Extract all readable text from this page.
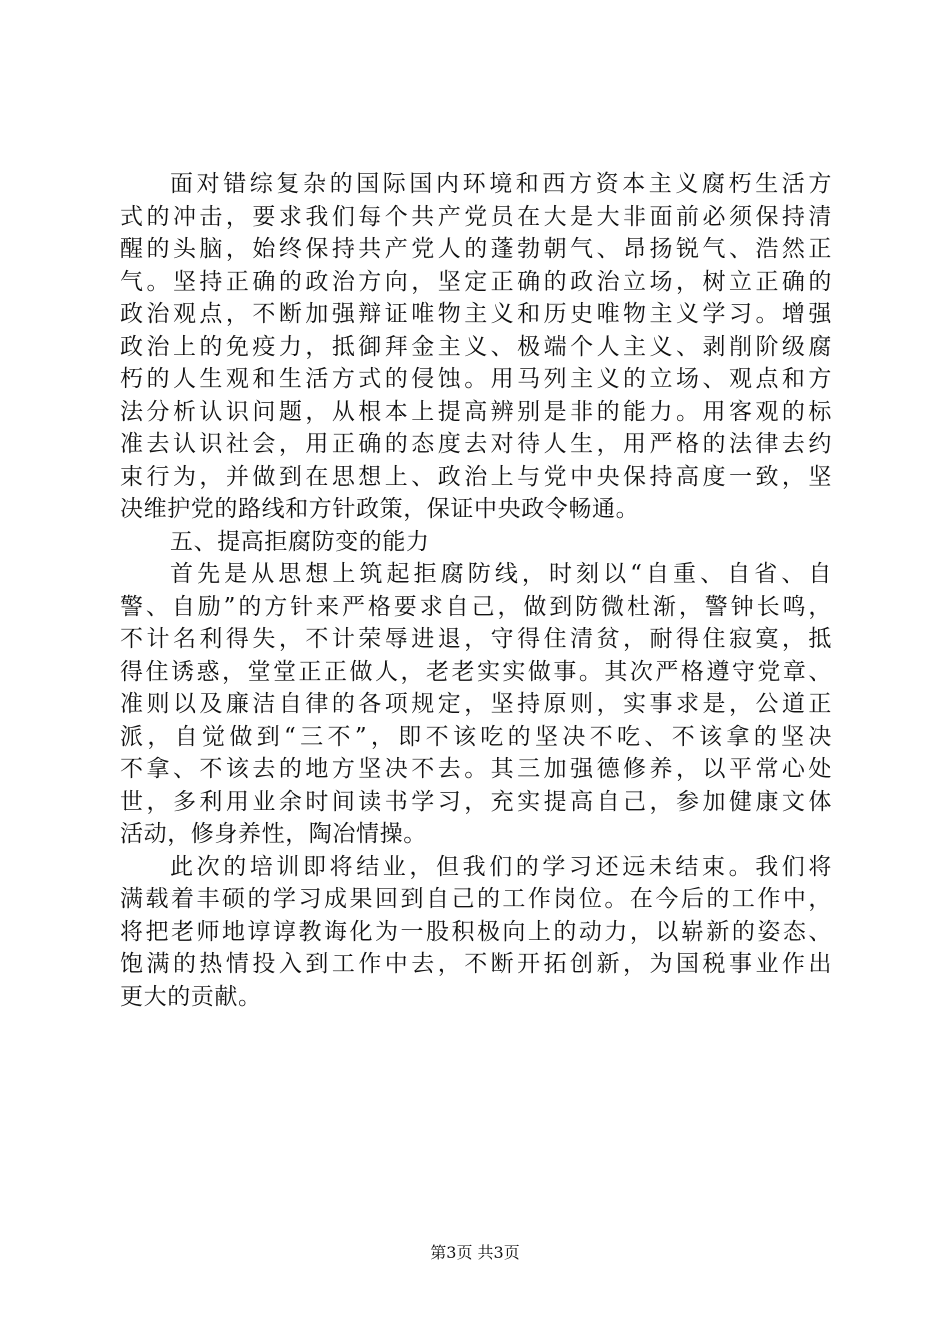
面对错综复杂的国际国内环境和西方资本主义腐朽生活方
式的冲击，要求我们每个共产党员在大是大非面前必须保持清
醒的头脑，始终保持共产党人的蓬勃朝气、昂扬锐气、浩然正
气。坚持正确的政治方向，坚定正确的政治立场，树立正确的
政治观点，不断加强辩证唯物主义和历史唯物主义学习。增强
政治上的免疫力，抵御拜金主义、极端个人主义、剥削阶级腐
朽的人生观和生活方式的侵蚀。用马列主义的立场、观点和方
法分析认识问题，从根本上提高辨别是非的能力。用客观的标
准去认识社会，用正确的态度去对待人生，用严格的法律去约
束行为，并做到在思想上、政治上与党中央保持高度一致，坚
决维护党的路线和方针政策，保证中央政令畅通。
五、提高拒腐防变的能力
首先是从思想上筑起拒腐防线，时刻以“自重、自省、自
警、自励”的方针来严格要求自己，做到防微杜渐，警钟长鸣，
不计名利得失，不计荣辱进退，守得住清贫，耐得住寂寞，抵
得住诱惑，堂堂正正做人，老老实实做事。其次严格遵守党章、
准则以及廉洁自律的各项规定，坚持原则，实事求是，公道正
派，自觉做到“三不”，即不该吃的坚决不吃、不该拿的坚决
不拿、不该去的地方坚决不去。其三加强德修养，以平常心处
世，多利用业余时间读书学习，充实提高自己，参加健康文体
活动，修身养性，陶冶情操。
此次的培训即将结业，但我们的学习还远未结束。我们将
满载着丰硕的学习成果回到自己的工作岗位。在今后的工作中，
将把老师地谆谆教诲化为一股积极向上的动力，以崭新的姿态、
饱满的热情投入到工作中去，不断开拓创新，为国税事业作出
更大的贡献。
第3页 共3页
